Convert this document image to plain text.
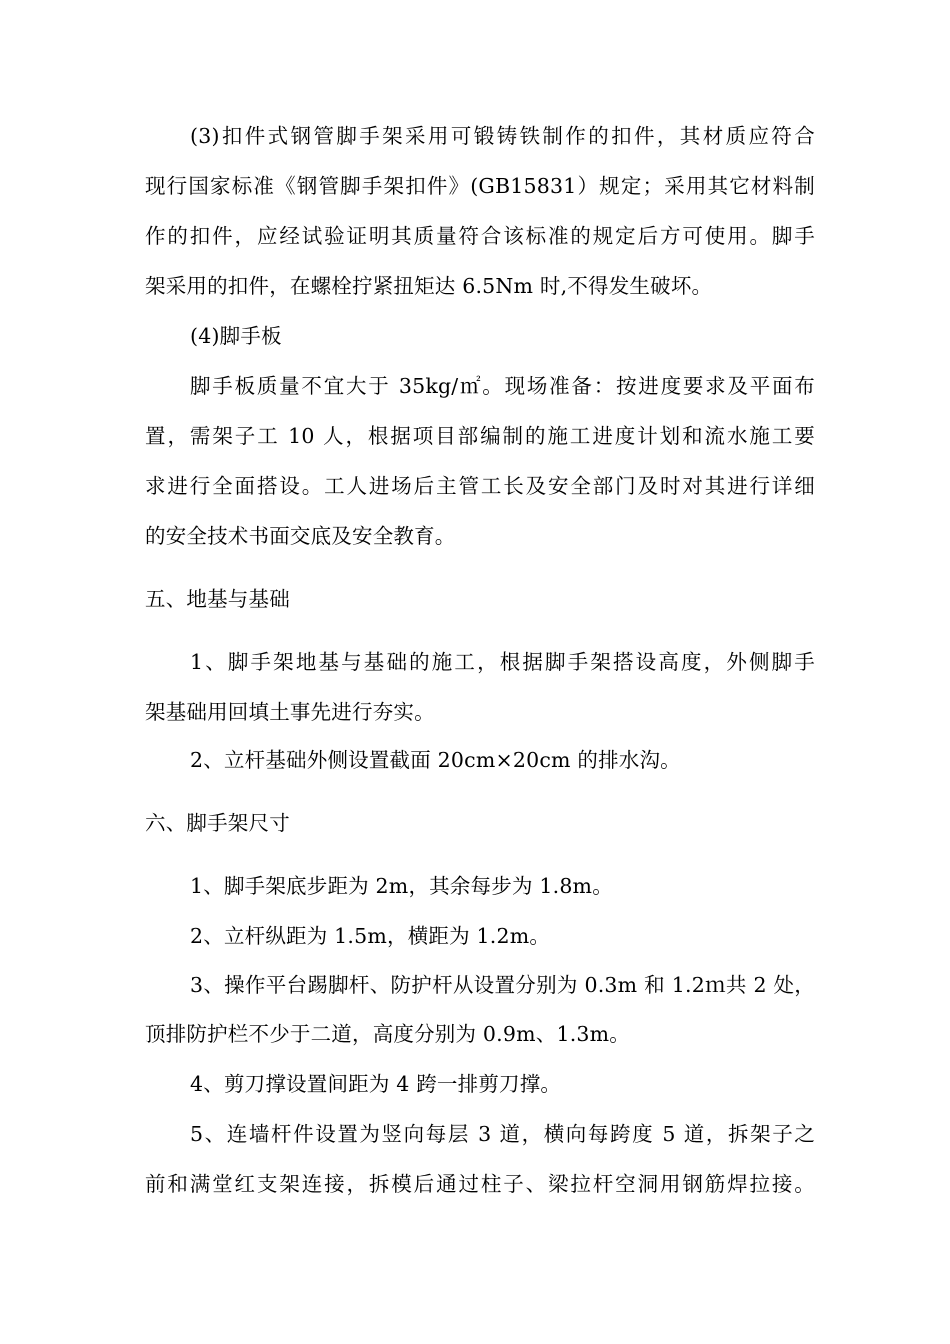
(3)扣件式钢管脚手架采用可锻铸铁制作的扣件，其材质应符合
现行国家标准《钢管脚手架扣件》(GB15831）规定；采用其它材料制
作的扣件，应经试验证明其质量符合该标准的规定后方可使用。脚手
架采用的扣件，在螺栓拧紧扭矩达 6.5Nm 时,不得发生破坏。
(4)脚手板
脚手板质量不宜大于 35kg/㎡。现场准备：按进度要求及平面布
置，需架子工 10 人，根据项目部编制的施工进度计划和流水施工要
求进行全面搭设。工人进场后主管工长及安全部门及时对其进行详细
的安全技术书面交底及安全教育。
五、地基与基础
1、脚手架地基与基础的施工，根据脚手架搭设高度，外侧脚手
架基础用回填土事先进行夯实。
2、立杆基础外侧设置截面 20cm×20cm 的排水沟。
六、脚手架尺寸
1、脚手架底步距为 2m，其余每步为 1.8m。
2、立杆纵距为 1.5m，横距为 1.2m。
3、操作平台踢脚杆、防护杆从设置分别为 0.3m 和 1.2ｍ共 2 处，
顶排防护栏不少于二道，高度分别为 0.9m、1.3m。
4、剪刀撑设置间距为 4 跨一排剪刀撑。
5、连墙杆件设置为竖向每层 3 道，横向每跨度 5 道，拆架子之
前和满堂红支架连接，拆模后通过柱子、梁拉杆空洞用钢筋焊拉接。
